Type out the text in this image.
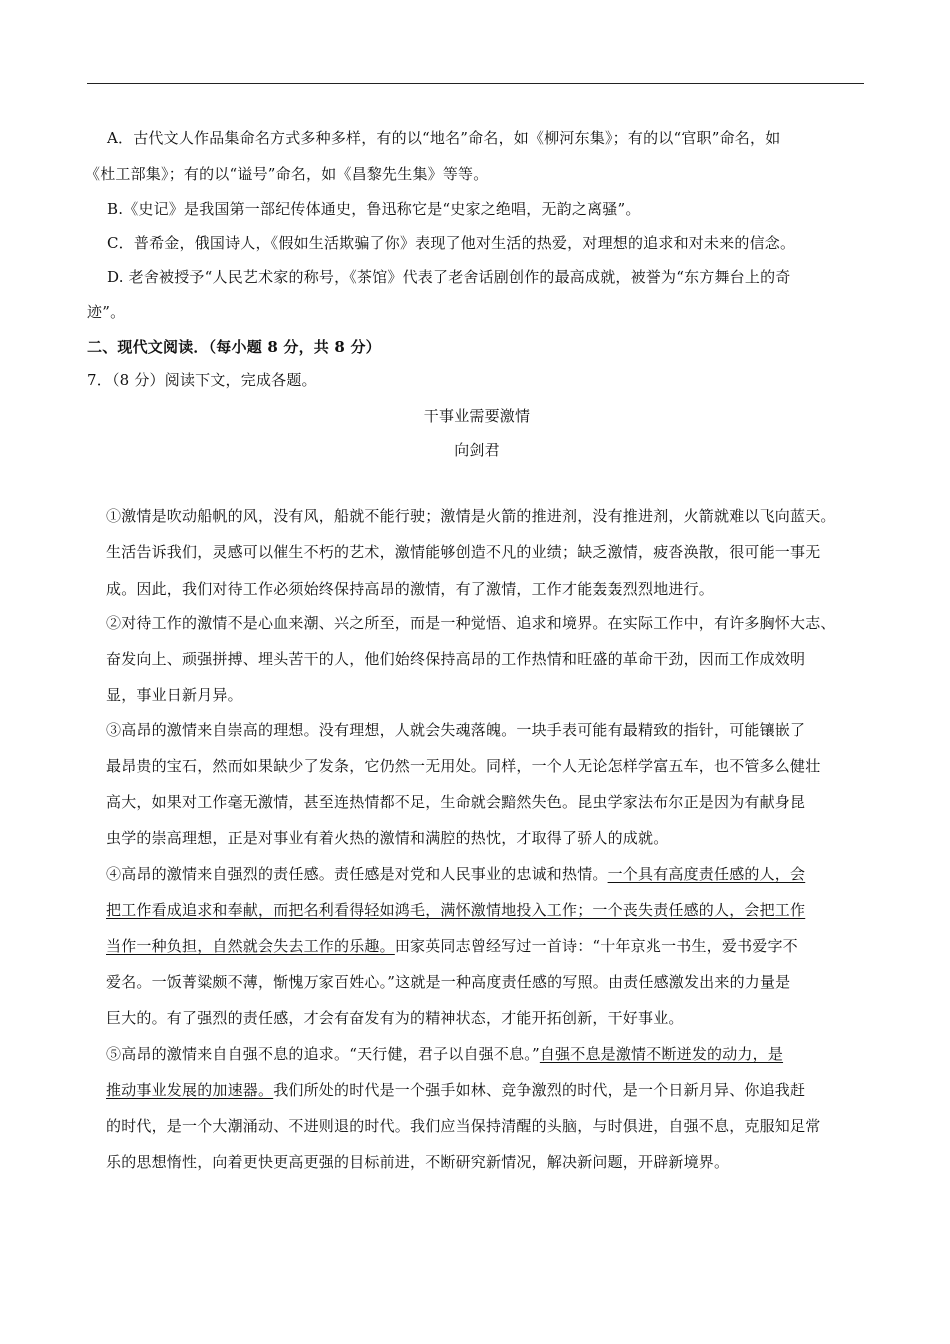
A．古代文人作品集命名方式多种多样，有的以“地名”命名，如《柳河东集》；有的以“官职”命名，如
《杜工部集》；有的以“谥号”命名，如《昌黎先生集》等等。
B.《史记》是我国第一部纪传体通史，鲁迅称它是“史家之绝唱，无韵之离骚”。
C．普希金，俄国诗人，《假如生活欺骗了你》表现了他对生活的热爱，对理想的追求和对未来的信念。
D. 老舍被授予“人民艺术家的称号，《茶馆》代表了老舍话剧创作的最高成就，被誉为“东方舞台上的奇
迹”。
二、现代文阅读．（每小题 8 分，共 8 分）
7．（8 分）阅读下文，完成各题。
干事业需要激情
向剑君
①激情是吹动船帆的风，没有风，船就不能行驶；激情是火箭的推进剂，没有推进剂，火箭就难以飞向蓝天。
生活告诉我们，灵感可以催生不朽的艺术，激情能够创造不凡的业绩；缺乏激情，疲沓涣散，很可能一事无
成。因此，我们对待工作必须始终保持高昂的激情，有了激情，工作才能轰轰烈烈地进行。
②对待工作的激情不是心血来潮、兴之所至，而是一种觉悟、追求和境界。在实际工作中，有许多胸怀大志、
奋发向上、顽强拼搏、埋头苦干的人，他们始终保持高昂的工作热情和旺盛的革命干劲，因而工作成效明
显，事业日新月异。
③高昂的激情来自崇高的理想。没有理想，人就会失魂落魄。一块手表可能有最精致的指针，可能镶嵌了
最昂贵的宝石，然而如果缺少了发条，它仍然一无用处。同样，一个人无论怎样学富五车，也不管多么健壮
高大，如果对工作毫无激情，甚至连热情都不足，生命就会黯然失色。昆虫学家法布尔正是因为有献身昆
虫学的崇高理想，正是对事业有着火热的激情和满腔的热忱，才取得了骄人的成就。
④高昂的激情来自强烈的责任感。责任感是对党和人民事业的忠诚和热情。一个具有高度责任感的人，会
把工作看成追求和奉献，而把名利看得轻如鸿毛，满怀激情地投入工作；一个丧失责任感的人，会把工作
当作一种负担，自然就会失去工作的乐趣。田家英同志曾经写过一首诗：“十年京兆一书生，爱书爱字不
爱名。一饭菁粱颇不薄，惭愧万家百姓心。”这就是一种高度责任感的写照。由责任感激发出来的力量是
巨大的。有了强烈的责任感，才会有奋发有为的精神状态，才能开拓创新，干好事业。
⑤高昂的激情来自自强不息的追求。“天行健，君子以自强不息。”自强不息是激情不断迸发的动力，是
推动事业发展的加速器。我们所处的时代是一个强手如林、竞争激烈的时代，是一个日新月异、你追我赶
的时代，是一个大潮涌动、不进则退的时代。我们应当保持清醒的头脑，与时俱进，自强不息，克服知足常
乐的思想惰性，向着更快更高更强的目标前进，不断研究新情况，解决新问题，开辟新境界。
